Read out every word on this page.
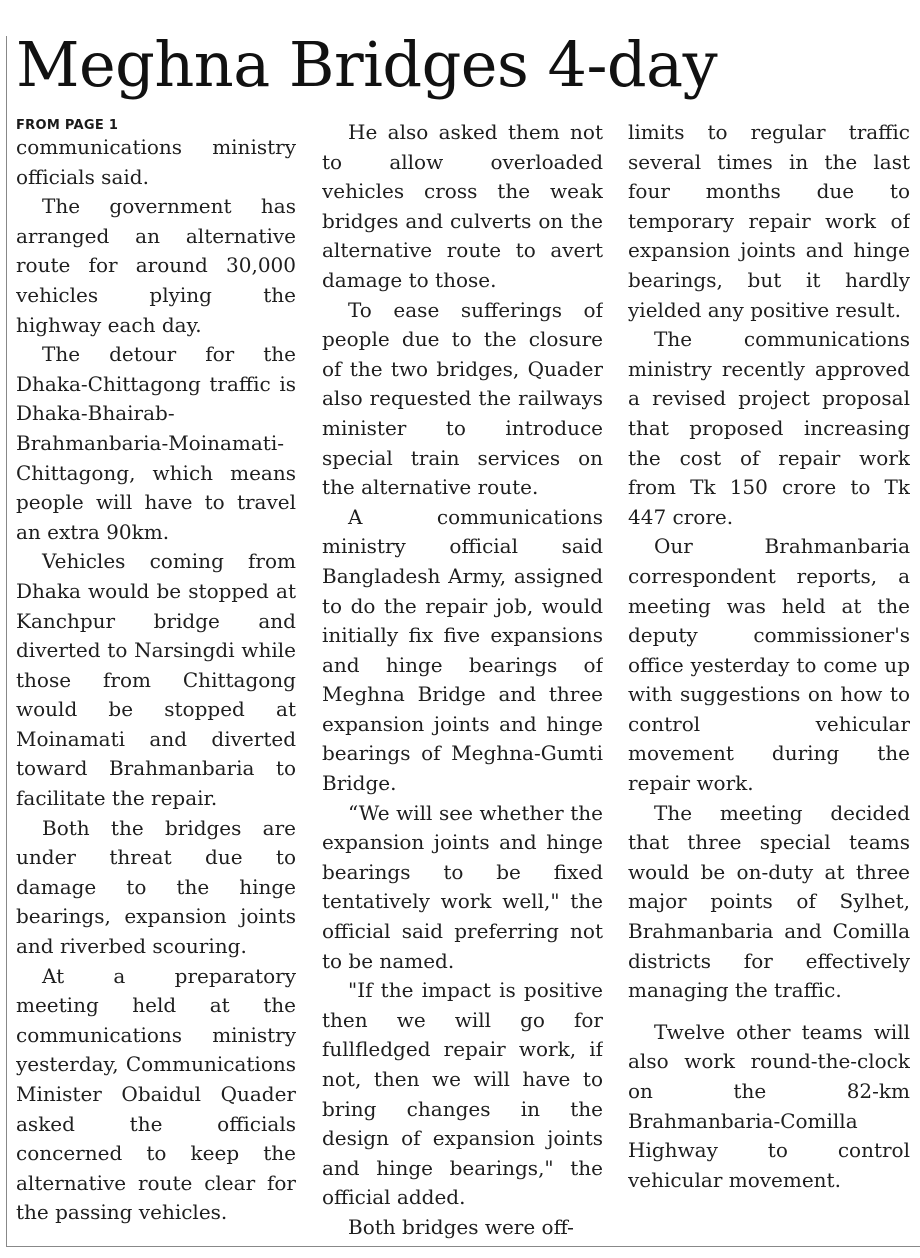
Meghna Bridges 4-day
FROM PAGE 1

communications ministry officials said.

The government has arranged an alternative route for around 30,000 vehicles plying the highway each day.

The detour for the Dhaka-Chittagong traffic is Dhaka-Bhairab-Brahmanbaria-Moinamati-Chittagong, which means people will have to travel an extra 90km.

Vehicles coming from Dhaka would be stopped at Kanchpur bridge and diverted to Narsingdi while those from Chittagong would be stopped at Moinamati and diverted toward Brahmanbaria to facilitate the repair.

Both the bridges are under threat due to damage to the hinge bearings, expansion joints and riverbed scouring.

At a preparatory meeting held at the communications ministry yesterday, Communications Minister Obaidul Quader asked the officials concerned to keep the alternative route clear for the passing vehicles.

He also asked them not to allow overloaded vehicles cross the weak bridges and culverts on the alternative route to avert damage to those.

To ease sufferings of people due to the closure of the two bridges, Quader also requested the railways minister to introduce special train services on the alternative route.

A communications ministry official said Bangladesh Army, assigned to do the repair job, would initially fix five expansions and hinge bearings of Meghna Bridge and three expansion joints and hinge bearings of Meghna-Gumti Bridge.

“We will see whether the expansion joints and hinge bearings to be fixed tentatively work well," the official said preferring not to be named.

"If the impact is positive then we will go for fullfledged repair work, if not, then we will have to bring changes in the design of expansion joints and hinge bearings," the official added.

Both bridges were off-

limits to regular traffic several times in the last four months due to temporary repair work of expansion joints and hinge bearings, but it hardly yielded any positive result.

The communications ministry recently approved a revised project proposal that proposed increasing the cost of repair work from Tk 150 crore to Tk 447 crore.

Our Brahmanbaria correspondent reports, a meeting was held at the deputy commissioner's office yesterday to come up with suggestions on how to control vehicular movement during the repair work.

The meeting decided that three special teams would be on-duty at three major points of Sylhet, Brahmanbaria and Comilla districts for effectively managing the traffic.

Twelve other teams will also work round-the-clock on the 82-km Brahmanbaria-Comilla Highway to control vehicular movement.
